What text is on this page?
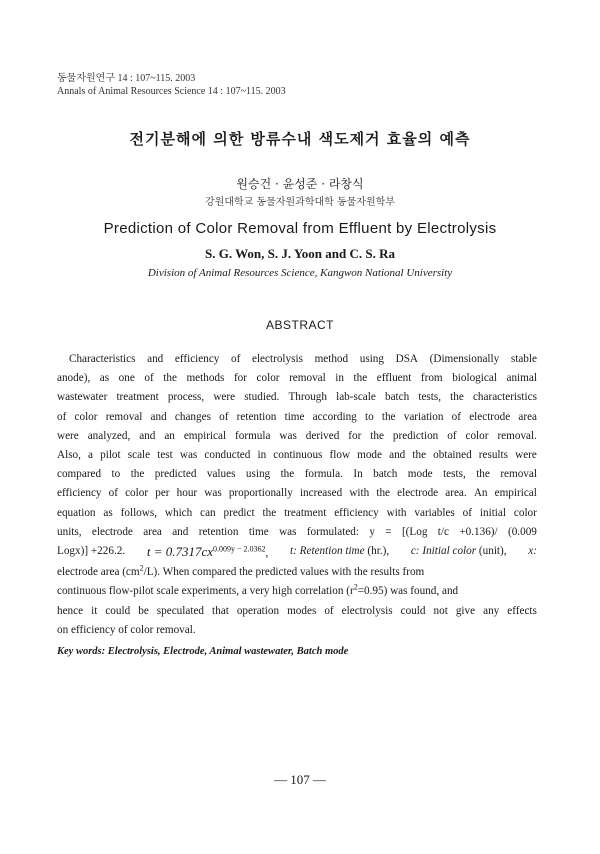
동물자원연구 14 : 107~115. 2003
Annals of Animal Resources Science 14 : 107~115. 2003
전기분해에 의한 방류수내 색도제거 효율의 예측
원승건 · 윤성준 · 라창식
강원대학교 동물자원과학대학 동물자원학부
Prediction of Color Removal from Effluent by Electrolysis
S. G. Won, S. J. Yoon and C. S. Ra
Division of Animal Resources Science, Kangwon National University
ABSTRACT
Characteristics and efficiency of electrolysis method using DSA (Dimensionally stable
anode), as one of the methods for color removal in the effluent from biological animal
wastewater treatment process, were studied. Through lab-scale batch tests, the characteristics
of color removal and changes of retention time according to the variation of electrode area
were analyzed, and an empirical formula was derived for the prediction of color removal.
Also, a pilot scale test was conducted in continuous flow mode and the obtained results were
compared to the predicted values using the formula. In batch mode tests, the removal
efficiency of color per hour was proportionally increased with the electrode area. An empirical
equation as follows, which can predict the treatment efficiency with variables of initial color
units, electrode area and retention time was formulated: y = [(Log t/c +0.136)/ (0.009
Logx)] +226.2. $t = 0.7317cx^{0.009y - 2.0362}$, t: Retention time (hr.), c: Initial color (unit), x:
electrode area $(cm^2/L)$. When compared the predicted values with the results from
continuous flow-pilot scale experiments, a very high correlation $(r^2=0.95)$ was found, and
hence it could be speculated that operation modes of electrolysis could not give any effects
on efficiency of color removal.
Key words: Electrolysis, Electrode, Animal wastewater, Batch mode
— 107 —
